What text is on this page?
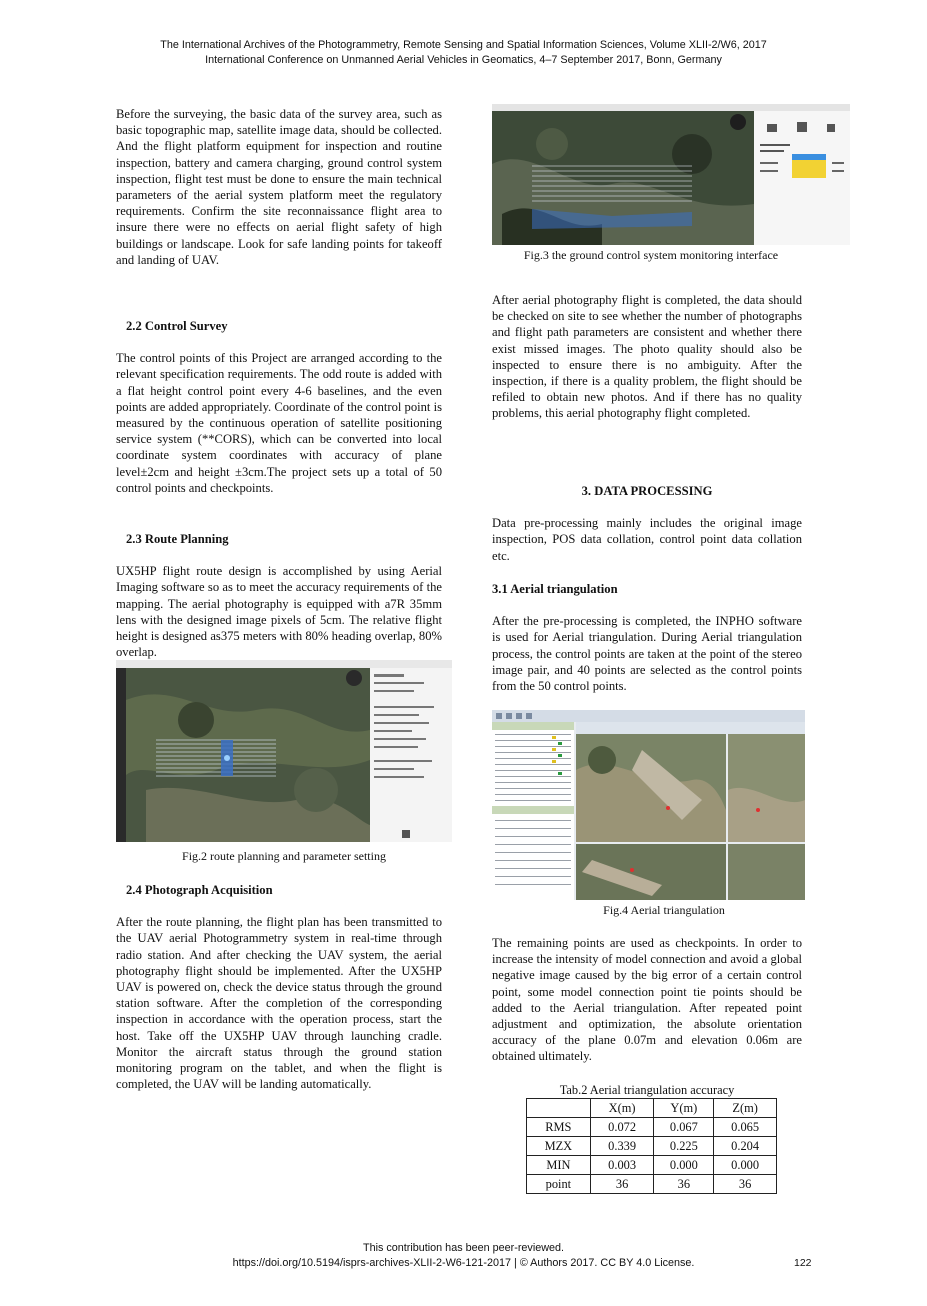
The International Archives of the Photogrammetry, Remote Sensing and Spatial Information Sciences, Volume XLII-2/W6, 2017
International Conference on Unmanned Aerial Vehicles in Geomatics, 4–7 September 2017, Bonn, Germany

Before the surveying, the basic data of the survey area, such as basic topographic map, satellite image data, should be collected. And the flight platform equipment for inspection and routine inspection, battery and camera charging, ground control system inspection, flight test must be done to ensure the main technical parameters of the aerial system platform meet the regulatory requirements. Confirm the site reconnaissance flight area to insure there were no effects on aerial flight safety of high buildings or landscape. Look for safe landing points for takeoff and landing of UAV.

2.2 Control Survey

The control points of this Project are arranged according to the relevant specification requirements. The odd route is added with a flat height control point every 4-6 baselines, and the even points are added appropriately. Coordinate of the control point is measured by the continuous operation of satellite positioning service system (**CORS), which can be converted into local coordinate system coordinates with accuracy of plane level±2cm and height ±3cm.The project sets up a total of 50 control points and checkpoints.

2.3 Route Planning

UX5HP flight route design is accomplished by using Aerial Imaging software so as to meet the accuracy requirements of the mapping. The aerial photography is equipped with a7R 35mm lens with the designed image pixels of 5cm. The relative flight height is designed as375 meters with 80% heading overlap, 80% overlap.

Fig.2 route planning and parameter setting

2.4 Photograph Acquisition

After the route planning, the flight plan has been transmitted to the UAV aerial Photogrammetry system in real-time through radio station. And after checking the UAV system, the aerial photography flight should be implemented. After the UX5HP UAV is powered on, check the device status through the ground station software. After the completion of the corresponding inspection in accordance with the operation process, start the host. Take off the UX5HP UAV through launching cradle. Monitor the aircraft status through the ground station monitoring program on the tablet, and when the flight is completed, the UAV will be landing automatically.

Fig.3 the ground control system monitoring interface

After aerial photography flight is completed, the data should be checked on site to see whether the number of photographs and flight path parameters are consistent and whether there exist missed images. The photo quality should also be inspected to ensure there is no ambiguity. After the inspection, if there is a quality problem, the flight should be refiled to obtain new photos. And if there has no quality problems, this aerial photography flight completed.

3. DATA PROCESSING

Data pre-processing mainly includes the original image inspection, POS data collation, control point data collation etc.

3.1 Aerial triangulation

After the pre-processing is completed, the INPHO software is used for Aerial triangulation. During Aerial triangulation process, the control points are taken at the point of the stereo image pair, and 40 points are selected as the control points from the 50 control points.

Fig.4 Aerial triangulation

The remaining points are used as checkpoints. In order to increase the intensity of model connection and avoid a global negative image caused by the big error of a certain control point, some model connection point tie points should be added to the Aerial triangulation. After repeated point adjustment and optimization, the absolute orientation accuracy of the plane 0.07m and elevation 0.06m are obtained ultimately.

Tab.2 Aerial triangulation accuracy

	X(m)	Y(m)	Z(m)
RMS	0.072	0.067	0.065
MZX	0.339	0.225	0.204
MIN	0.003	0.000	0.000
point	36	36	36
This contribution has been peer-reviewed.
https://doi.org/10.5194/isprs-archives-XLII-2-W6-121-2017 | © Authors 2017. CC BY 4.0 License.	122
